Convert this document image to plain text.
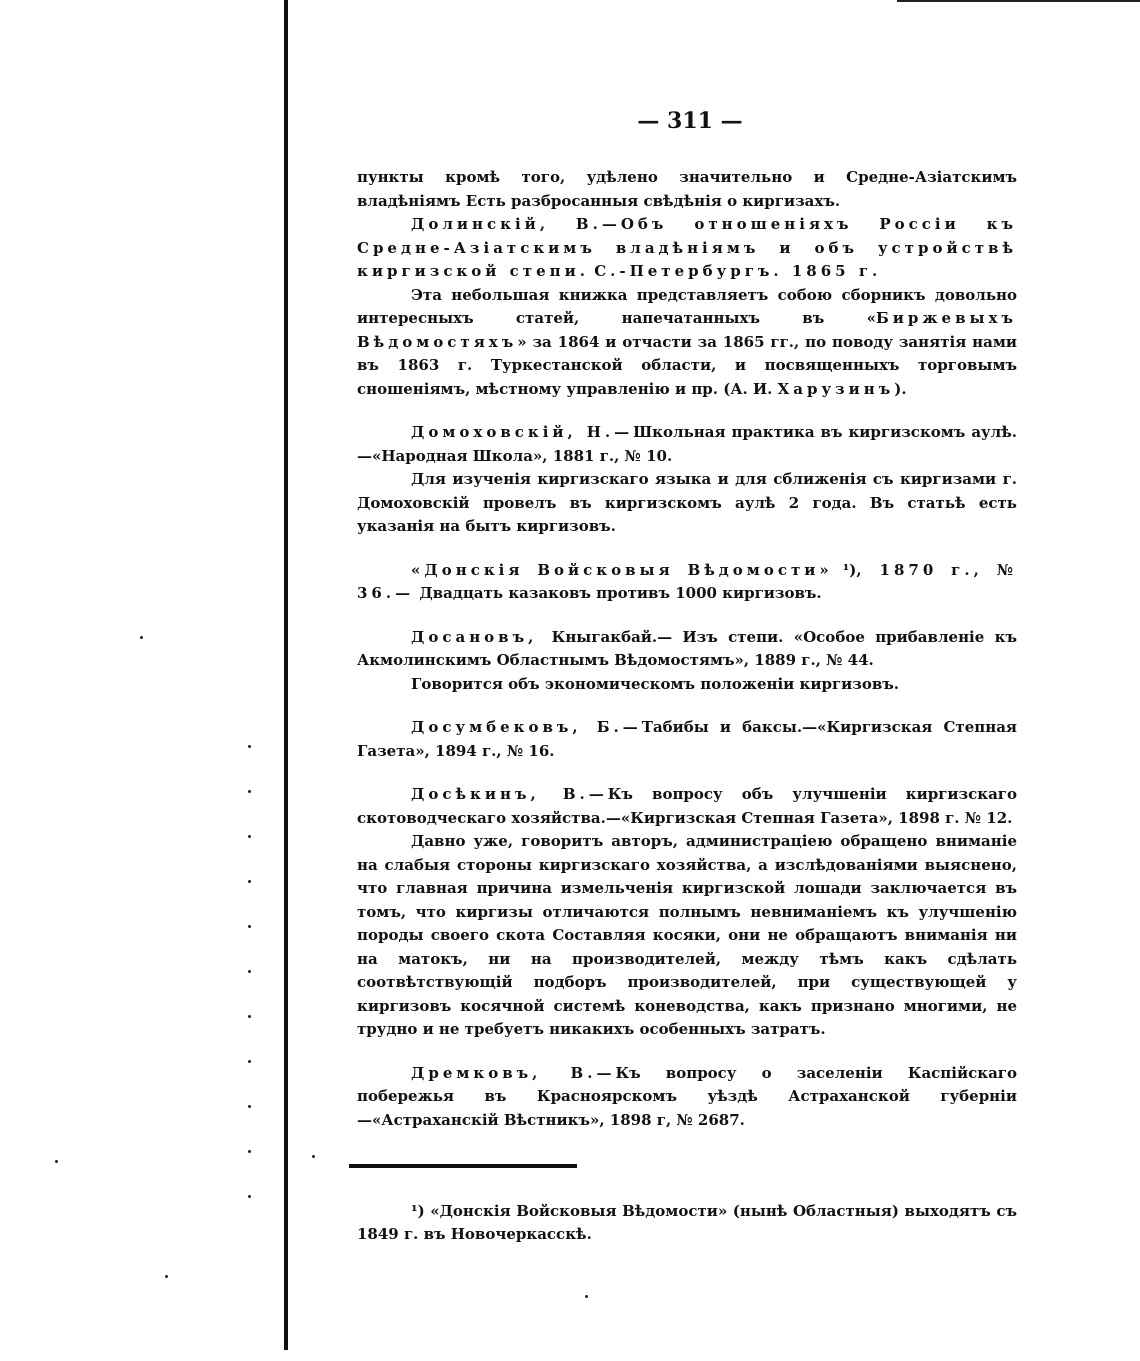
— 311 —

пункты кромѣ того, удѣлено значительно и Средне-Азіатскимъ владѣніямъ Есть разбросанныя свѣдѣнія о киргизахъ.

Долинскій, В.—Объ отношеніяхъ Россіи къ Средне-Азіатскимъ владѣніямъ и объ устройствѣ киргизской степи. С.-Петербургъ. 1865 г.

Эта небольшая книжка представляетъ собою сборникъ довольно интересныхъ статей, напечатанныхъ въ «Биржевыхъ Вѣдомостяхъ» за 1864 и отчасти за 1865 гг., по поводу занятія нами въ 1863 г. Туркестанской области, и посвященныхъ торговымъ сношеніямъ, мѣстному управленію и пр. (А. И. Харузинъ).

Домоховскій, Н.—Школьная практика въ киргизскомъ аулѣ.—«Народная Школа», 1881 г., № 10.

Для изученія киргизскаго языка и для сближенія съ киргизами г. Домоховскій провелъ въ киргизскомъ аулѣ 2 года. Въ статьѣ есть указанія на бытъ киргизовъ.

«Донскія Войсковыя Вѣдомости» ¹), 1870 г., № 36.— Двадцать казаковъ противъ 1000 киргизовъ.

Досановъ, Кныгакбай.— Изъ степи. «Особое прибавленіе къ Акмолинскимъ Областнымъ Вѣдомостямъ», 1889 г., № 44.

Говорится объ экономическомъ положеніи киргизовъ.

Досумбековъ, Б.—Табибы и баксы.—«Киргизская Степная Газета», 1894 г., № 16.

Досѣкинъ, В.—Къ вопросу объ улучшеніи киргизскаго скотоводческаго хозяйства.—«Киргизская Степная Газета», 1898 г. № 12.

Давно уже, говоритъ авторъ, администраціею обращено вниманіе на слабыя стороны киргизскаго хозяйства, а изслѣдованіями выяснено, что главная причина измельченія киргизской лошади заключается въ томъ, что киргизы отличаются полнымъ невниманіемъ къ улучшенію породы своего скота Составляя косяки, они не обращаютъ вниманія ни на матокъ, ни на производителей, между тѣмъ какъ сдѣлать соотвѣтствующій подборъ производителей, при существующей у киргизовъ косячной системѣ коневодства, какъ признано многими, не трудно и не требуетъ никакихъ особенныхъ затратъ.

Дремковъ, В.—Къ вопросу о заселеніи Каспійскаго побережья въ Красноярскомъ уѣздѣ Астраханской губерніи—«Астраханскій Вѣстникъ», 1898 г, № 2687.

¹) «Донскія Войсковыя Вѣдомости» (нынѣ Областныя) выходятъ съ 1849 г. въ Новочеркасскѣ.
